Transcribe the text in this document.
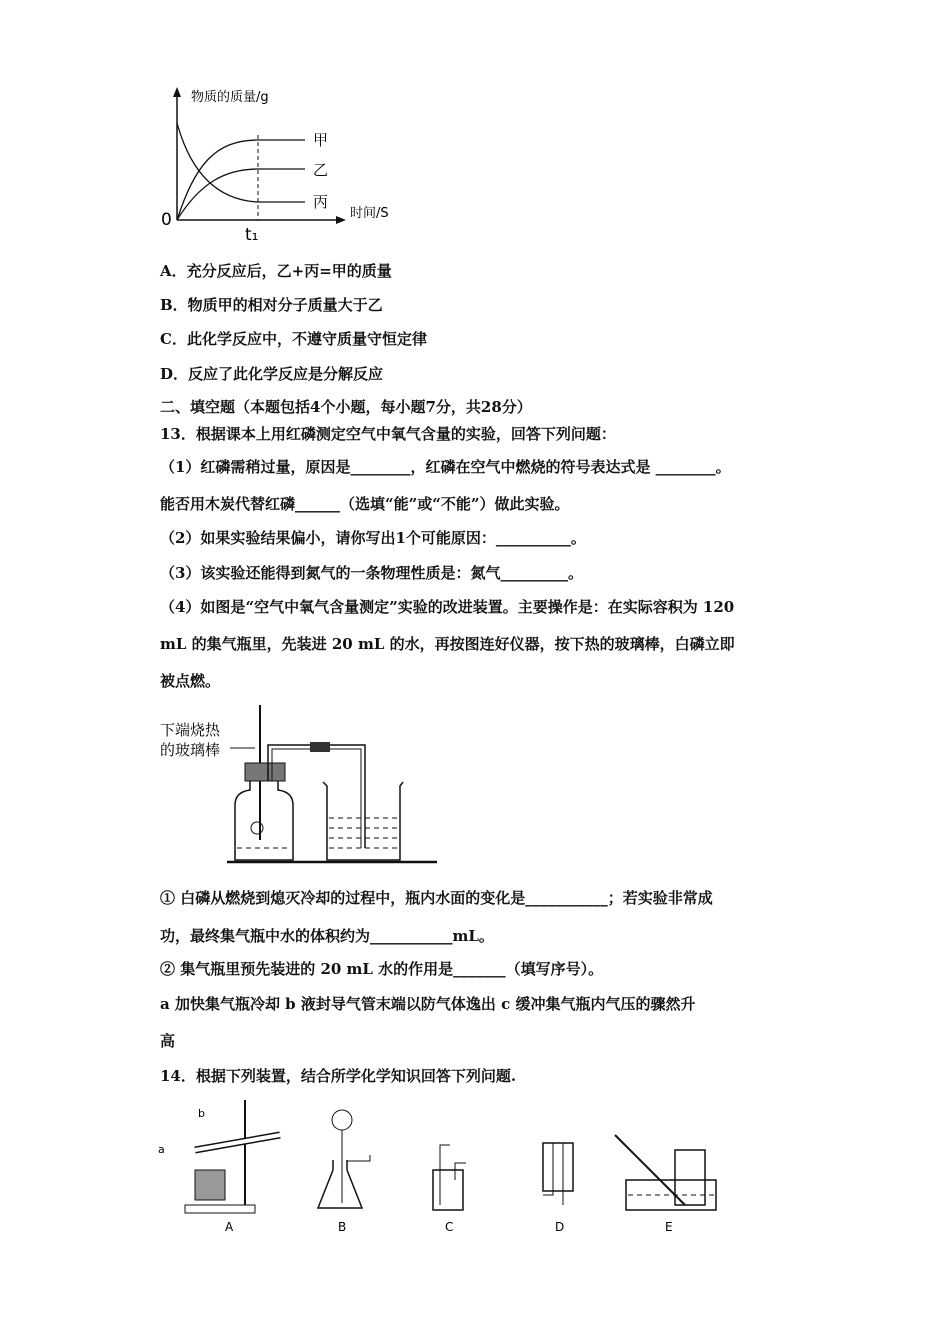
物质的质量/g
时间/S
0
t₁
甲
乙
丙
A．充分反应后，乙+丙=甲的质量
B．物质甲的相对分子质量大于乙
C．此化学反应中，不遵守质量守恒定律
D．反应了此化学反应是分解反应
二、填空题（本题包括4个小题，每小题7分，共28分）
13．根据课本上用红磷测定空气中氧气含量的实验，回答下列问题：
（1）红磷需稍过量，原因是________，红磷在空气中燃烧的符号表达式是 ________。
能否用木炭代替红磷______（选填“能”或“不能”）做此实验。
（2）如果实验结果偏小，请你写出1个可能原因：__________。
（3）该实验还能得到氮气的一条物理性质是：氮气_________。
（4）如图是“空气中氧气含量测定”实验的改进装置。主要操作是：在实际容积为 120
mL 的集气瓶里，先装进 20 mL 的水，再按图连好仪器，按下热的玻璃棒，白磷立即
被点燃。
下端烧热
的玻璃棒
① 白磷从燃烧到熄灭冷却的过程中，瓶内水面的变化是___________；若实验非常成
功，最终集气瓶中水的体积约为___________mL。
② 集气瓶里预先装进的 20 mL 水的作用是_______（填写序号）。
a 加快集气瓶冷却 b 液封导气管末端以防气体逸出 c 缓冲集气瓶内气压的骤然升
高
14．根据下列装置，结合所学化学知识回答下列问题.
a
b
A	B	C	D	E
